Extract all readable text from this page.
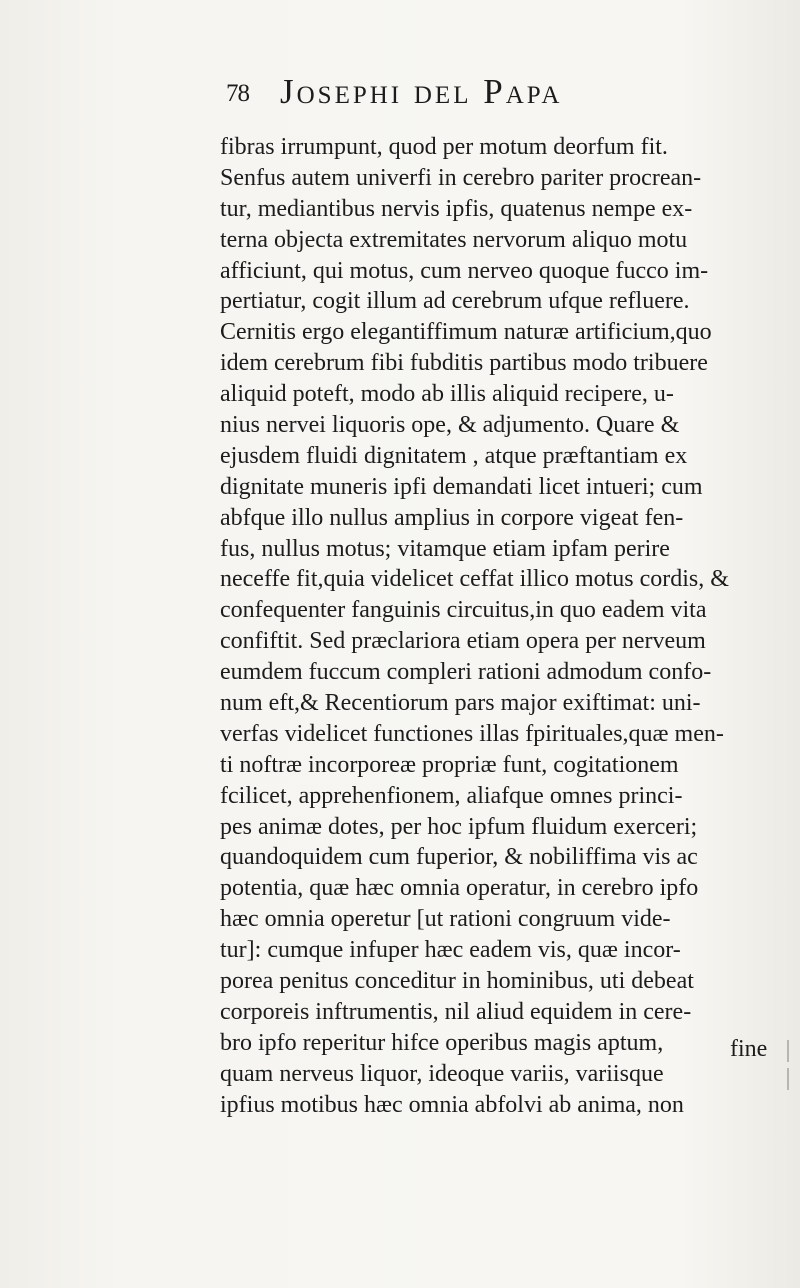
78 Josephi del Papa
fibras irrumpunt, quod per motum deorfum fit.
Senfus autem univerfi in cerebro pariter procrean-
tur, mediantibus nervis ipfis, quatenus nempe ex-
terna objecta extremitates nervorum aliquo motu
afficiunt, qui motus, cum nerveo quoque fucco im-
pertiatur, cogit illum ad cerebrum ufque refluere.
Cernitis ergo elegantiffimum naturæ artificium,quo
idem cerebrum fibi fubditis partibus modo tribuere
aliquid poteft, modo ab illis aliquid recipere, u-
nius nervei liquoris ope, & adjumento. Quare &
ejusdem fluidi dignitatem , atque præftantiam ex
dignitate muneris ipfi demandati licet intueri; cum
abfque illo nullus amplius in corpore vigeat fen-
fus, nullus motus; vitamque etiam ipfam perire
neceffe fit,quia videlicet ceffat illico motus cordis, &
confequenter fanguinis circuitus,in quo eadem vita
confiftit. Sed præclariora etiam opera per nerveum
eumdem fuccum compleri rationi admodum confo-
num eft,& Recentiorum pars major exiftimat: uni-
verfas videlicet functiones illas fpirituales,quæ men-
ti noftræ incorporeæ propriæ funt, cogitationem
fcilicet, apprehenfionem, aliafque omnes princi-
pes animæ dotes, per hoc ipfum fluidum exerceri;
quandoquidem cum fuperior, & nobiliffima vis ac
potentia, quæ hæc omnia operatur, in cerebro ipfo
hæc omnia operetur [ut rationi congruum vide-
tur]: cumque infuper hæc eadem vis, quæ incor-
porea penitus conceditur in hominibus, uti debeat
corporeis inftrumentis, nil aliud equidem in cere-
bro ipfo reperitur hifce operibus magis aptum,
quam nerveus liquor, ideoque variis, variisque
ipfius motibus hæc omnia abfolvi ab anima, non
fine
